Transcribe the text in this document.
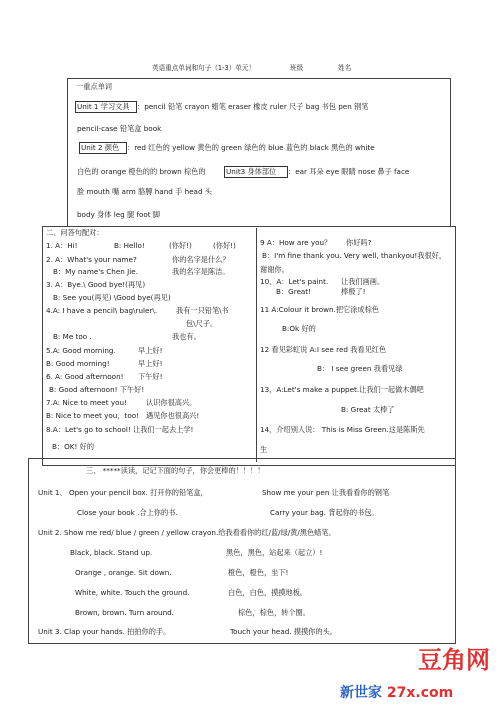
英语重点单词和句子（1-3）单元！	班级	姓名
一重点单词
Unit 1 学习文具 ：pencil 铅笔 crayon 蜡笔 eraser 橡皮 ruler 尺子 bag 书包 pen 钢笔
pencil-case 铅笔盒 book
Unit 2 颜色 ：red 红色的 yellow 黄色的 green 绿色的 blue 蓝色的 black 黑色的 white
白色的 orange 橙色的的 brown 棕色的	Unit3 身体部位 ：ear 耳朵 eye 眼睛 nose 鼻子 face
脸 mouth 嘴 arm 胳膊 hand 手 head 头
body 身体 leg 腿 foot 脚
二、问答句配对：
1. A：Hi!	B: Hello!	(你好!)	(你好!)
2. A：What's your name?	你的名字是什么？
B：My name's Chen Jie.	我的名字是陈洁。
3. A：Bye.\ Good bye!(再见)
B: See you(再见) \Good bye(再见)
4.A: I have a pencil\ bag\ruler\.	我有一只铅笔\书
包\尺子。
B: Me too .	我也有。
5.A: Good morning.	早上好!
B: Good morning!	早上好!
6. A: Good afternoon! 下午好!
B: Good afternoon! 下午好!
7.A: Nice to meet you!	认识你很高兴。
B: Nice to meet you，too! 遇见你也很高兴!
8.A：Let's go to school! 让我们一起去上学!
B：OK! 好的
9 A：How are you？ 你好吗?
B：I'm fine thank you. Very well, thankyou!我很好，
谢谢你。
10、A：Let's paint. 让我们画画。
B：Great!	棒极了!
11 A:Colour it brown.把它涂成棕色
B:Ok 好的
12 看见彩虹说 A:I see red 我看见红色
B： I see green 我看见绿
13、A:Let's make a puppet.让我们一起做木偶吧
B: Great 太棒了
14、介绍别人说： This is Miss Green.这是陈斯先
生
三、 *****读读，记记下面的句子，你会更棒的！！！！
Unit 1、 Open your pencil box. 打开你的铅笔盒，	Show me your pen 让我看看你的钢笔
Close your book .合上你的书.	Carry your bag. 背起你的书包。
Unit 2. Show me red/ blue / green / yellow crayon.给我看看你的红/蓝/绿/黄/黑色蜡笔。
Black, black. Stand up.	黑色，黑色，站起来（起立）!
Orange , orange. Sit down.	橙色，橙色，坐下!
White, white. Touch the ground.	白色，白色，摸摸地板。
Brown, brown. Turn around.	棕色，棕色，转个圈。
Unit 3. Clap your hands. 拍拍你的手。	Touch your head. 摸摸你的头。
豆角网
新世家 27x.com
